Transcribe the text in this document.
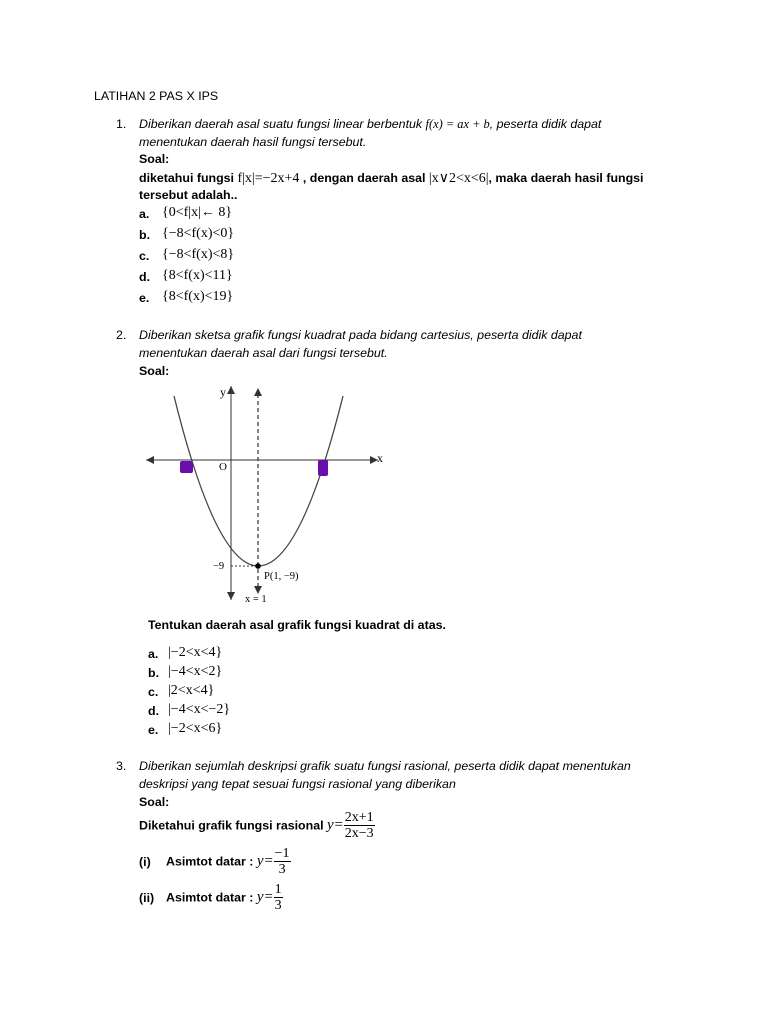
LATIHAN 2 PAS X IPS
1. Diberikan daerah asal suatu fungsi linear berbentuk f(x) = ax + b, peserta didik dapat
menentukan daerah hasil fungsi tersebut.
Soal:
diketahui fungsi f|x|=−2x+4 , dengan daerah asal |x∨2<x<6|, maka daerah hasil fungsi
tersebut adalah..
a. {0<f|x|← 8}
b. {−8<f(x)<0}
c. {−8<f(x)<8}
d. {8<f(x)<11}
e. {8<f(x)<19}
2. Diberikan sketsa grafik fungsi kuadrat pada bidang cartesius, peserta didik dapat
menentukan daerah asal dari fungsi tersebut.
Soal:
y
x
O
−9
P(1, −9)
x = 1
Tentukan daerah asal grafik fungsi kuadrat di atas.
a. |−2<x<4}
b. |−4<x<2}
c. |2<x<4}
d. |−4<x<−2}
e. |−2<x<6}
3. Diberikan sejumlah deskripsi grafik suatu fungsi rasional, peserta didik dapat menentukan
deskripsi yang tepat sesuai fungsi rasional yang diberikan
Soal:
Diketahui grafik fungsi rasional $y= \frac{2x+1}{2x-3}$
(i) Asimtot datar : $y= \frac{-1}{3}$
(ii) Asimtot datar : $y= \frac{1}{3}$
